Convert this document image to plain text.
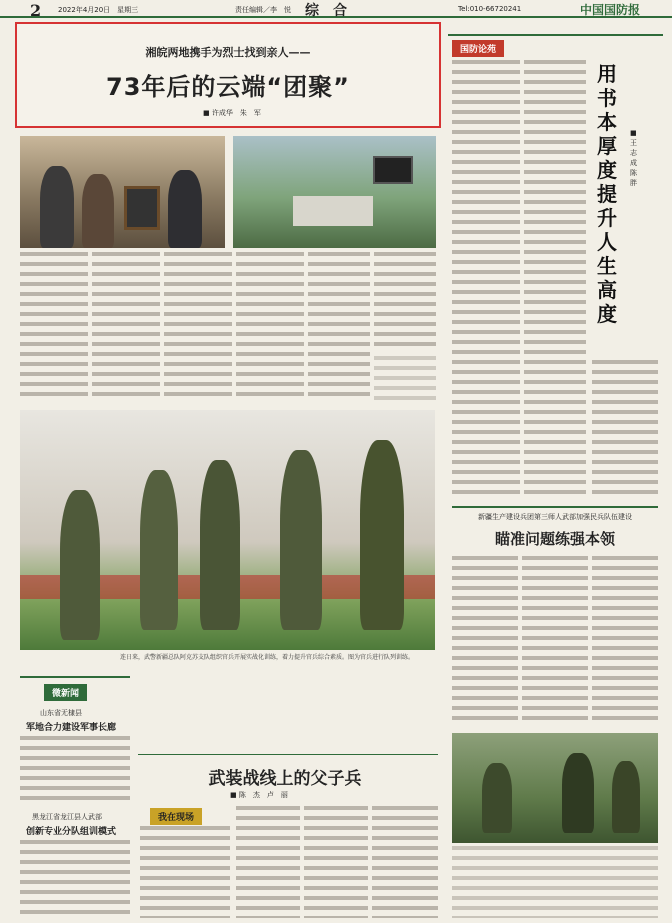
2 2022年4月20日　星期三	责任编辑／李　悦 综　合	Tel:010-66720241	中国国防报
湘皖两地携手为烈士找到亲人——
73年后的云端“团聚”
■ 许成华　朱　军
连日来，武警新疆总队阿克苏支队组织官兵开展实战化训练，着力提升官兵综合素质。图为官兵进行队列训练。
国防论苑
用书本厚度提升人生高度
■王志成　陈　胖
新疆生产建设兵团第三师人武部加强民兵队伍建设
瞄准问题练强本领
微新闻
山东省无棣县
军地合力建设军事长廊
黑龙江省龙江县人武部
创新专业分队组训模式
武装战线上的父子兵
■ 陈　杰　卢　丽
我在现场
